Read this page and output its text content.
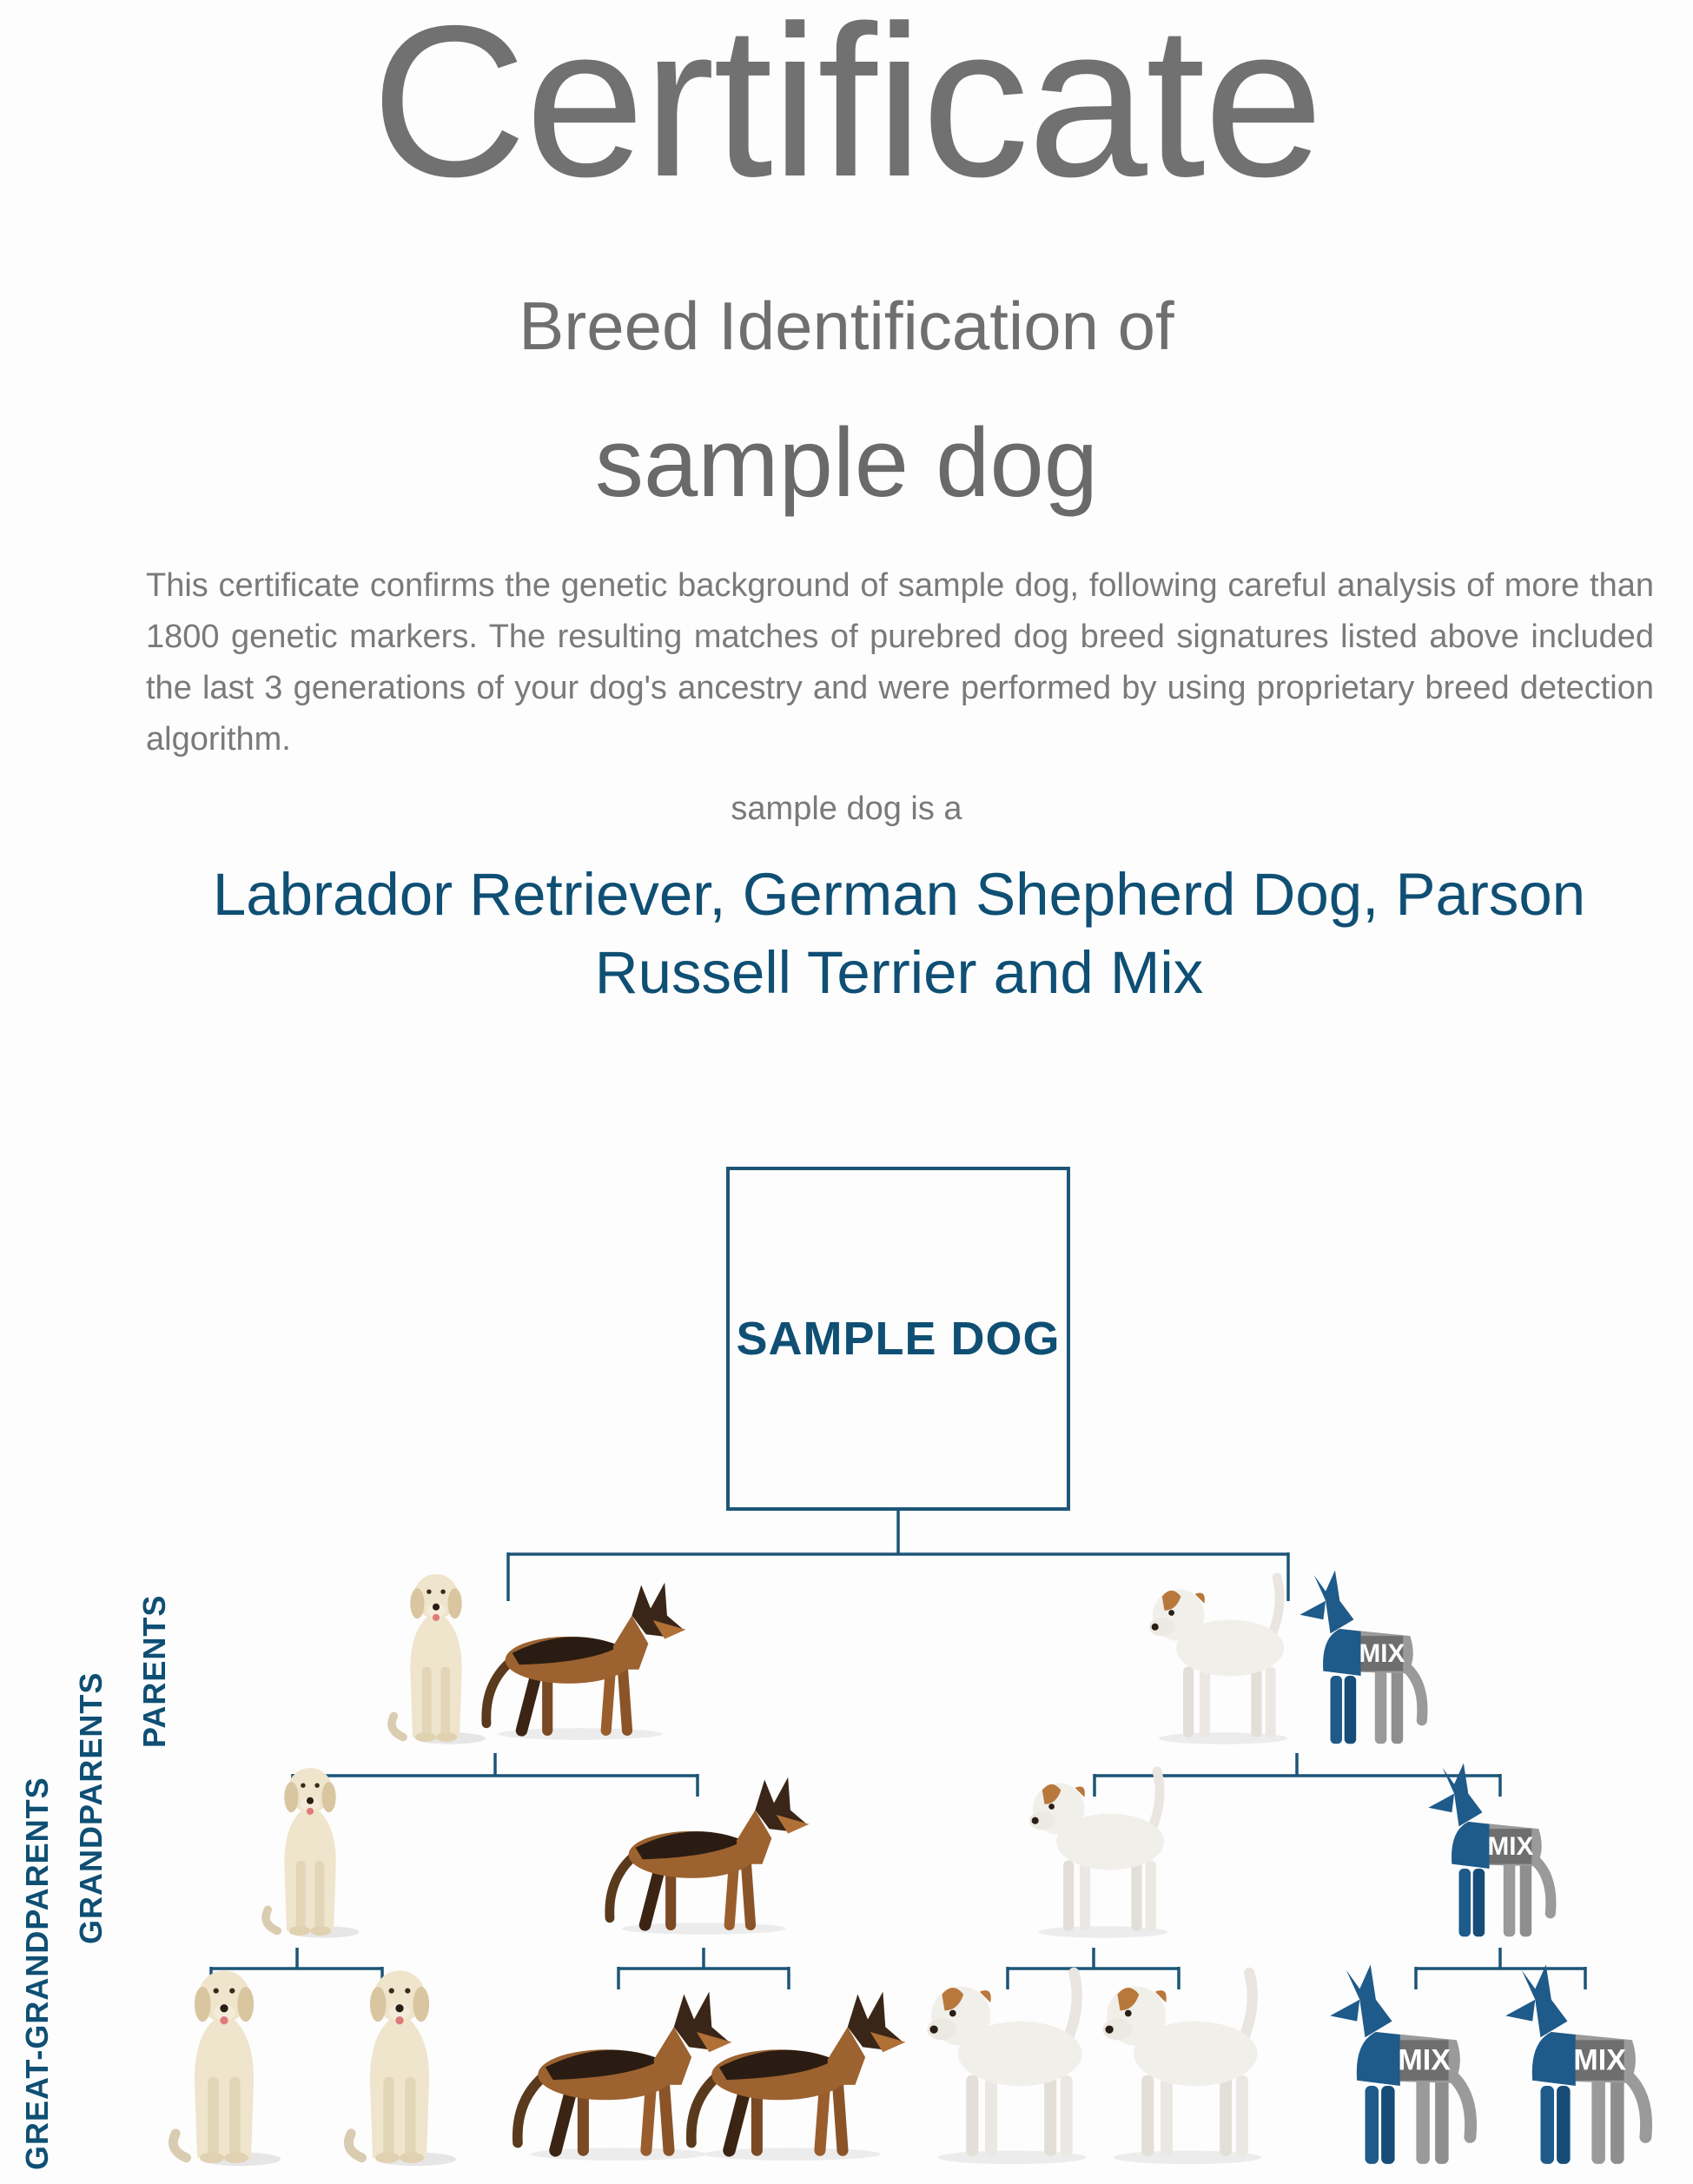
Certificate
Breed Identification of
sample dog
This certificate confirms the genetic background of sample dog, following careful analysis of more than 1800 genetic markers. The resulting matches of purebred dog breed signatures listed above included the last 3 generations of your dog's ancestry and were performed by using proprietary breed detection algorithm.
sample dog is a
Labrador Retriever, German Shepherd Dog, Parson Russell Terrier and Mix
SAMPLE DOG
PARENTS
GRANDPARENTS
GREAT-GRANDPARENTS
